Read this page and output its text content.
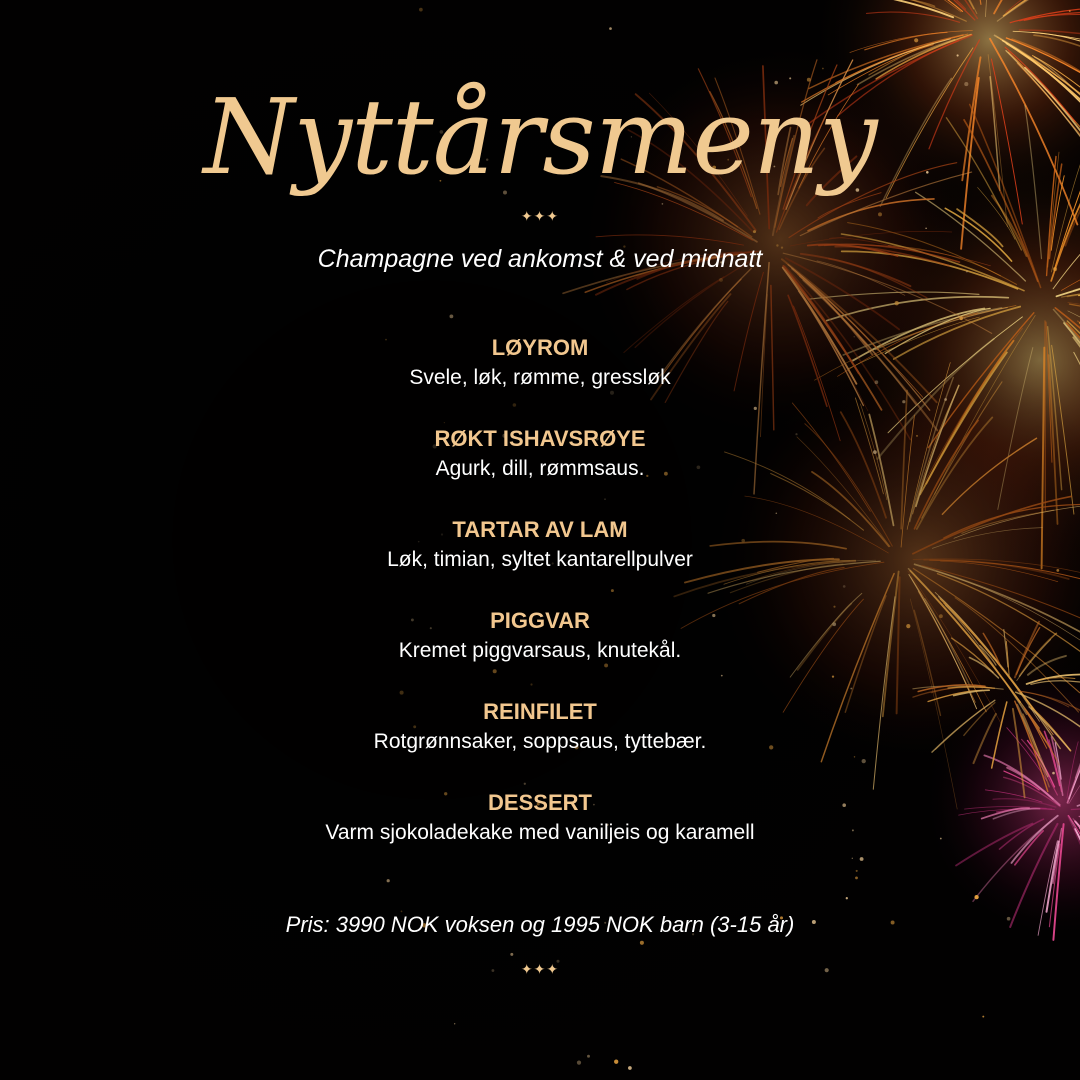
Nyttårsmeny
✦✦✦
Champagne ved ankomst & ved midnatt
LØYROM
Svele, løk, rømme, gressløk
RØKT ISHAVSRØYE
Agurk, dill, rømmsaus.
TARTAR AV LAM
Løk, timian, syltet kantarellpulver
PIGGVAR
Kremet piggvarsaus, knutekål.
REINFILET
Rotgrønnsaker, soppsaus, tyttebær.
DESSERT
Varm sjokoladekake med vaniljeis og karamell
Pris: 3990 NOK voksen og 1995 NOK barn (3-15 år)
✦✦✦
